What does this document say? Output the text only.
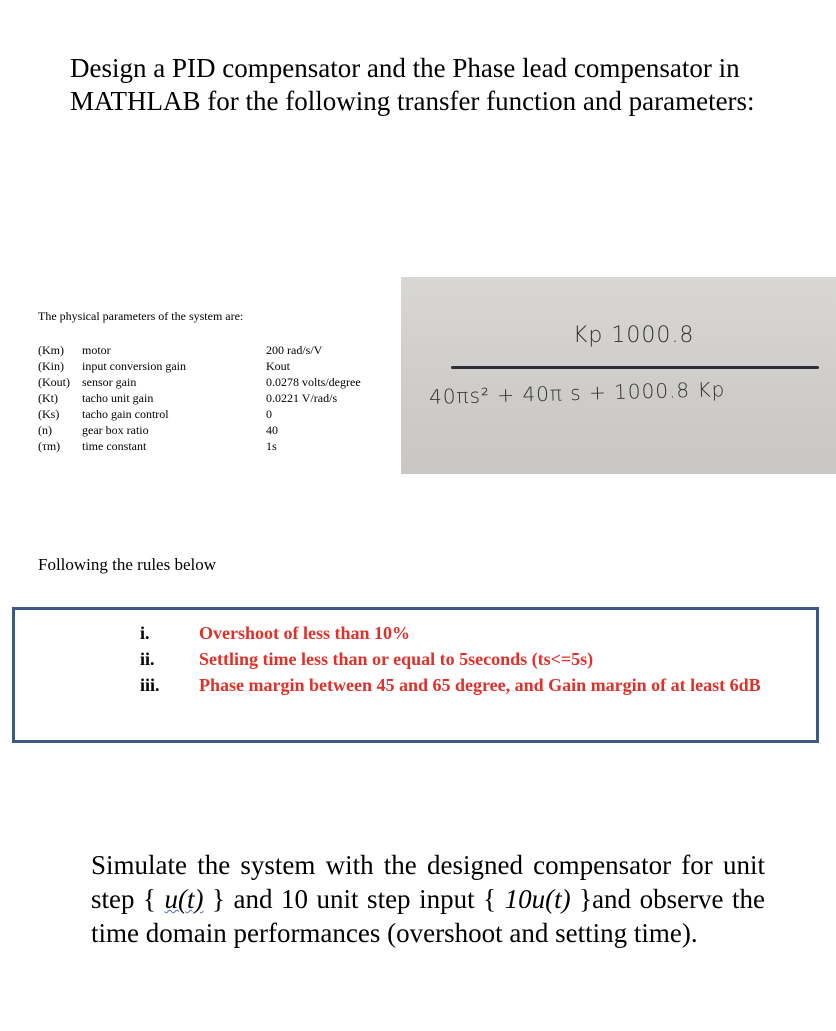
Design a PID compensator and the Phase lead compensator in MATHLAB for the following transfer function and parameters:
The physical parameters of the system are:
(Km)	motor	200 rad/s/V
(Kin)	input conversion gain	Kout
(Kout)	sensor gain	0.0278 volts/degree
(Kt)	tacho unit gain	0.0221 V/rad/s
(Ks)	tacho gain control	0
(n)	gear box ratio	40
(τm)	time constant	1s
Kp 1000.8
40πs² + 40π s + 1000.8 Kp
Following the rules below
i.	Overshoot of less than 10%
ii. Settling time less than or equal to 5seconds (ts<=5s)
iii. Phase margin between 45 and 65 degree, and Gain margin of at least 6dB
Simulate the system with the designed compensator for unit step { u(t) } and 10 unit step input { 10u(t) }and observe the time domain performances (overshoot and setting time).
